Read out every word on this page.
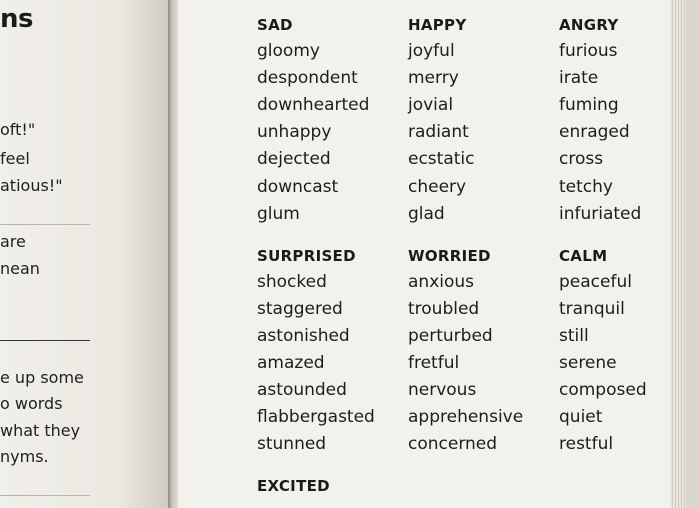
ns
oft!"
feel
atious!"
are
nean
e up some
o words
what they
nyms.
SAD
gloomy
despondent
downhearted
unhappy
dejected
downcast
glum
HAPPY
joyful
merry
jovial
radiant
ecstatic
cheery
glad
ANGRY
furious
irate
fuming
enraged
cross
tetchy
infuriated
SURPRISED
shocked
staggered
astonished
amazed
astounded
flabbergasted
stunned
WORRIED
anxious
troubled
perturbed
fretful
nervous
apprehensive
concerned
CALM
peaceful
tranquil
still
serene
composed
quiet
restful
EXCITED
